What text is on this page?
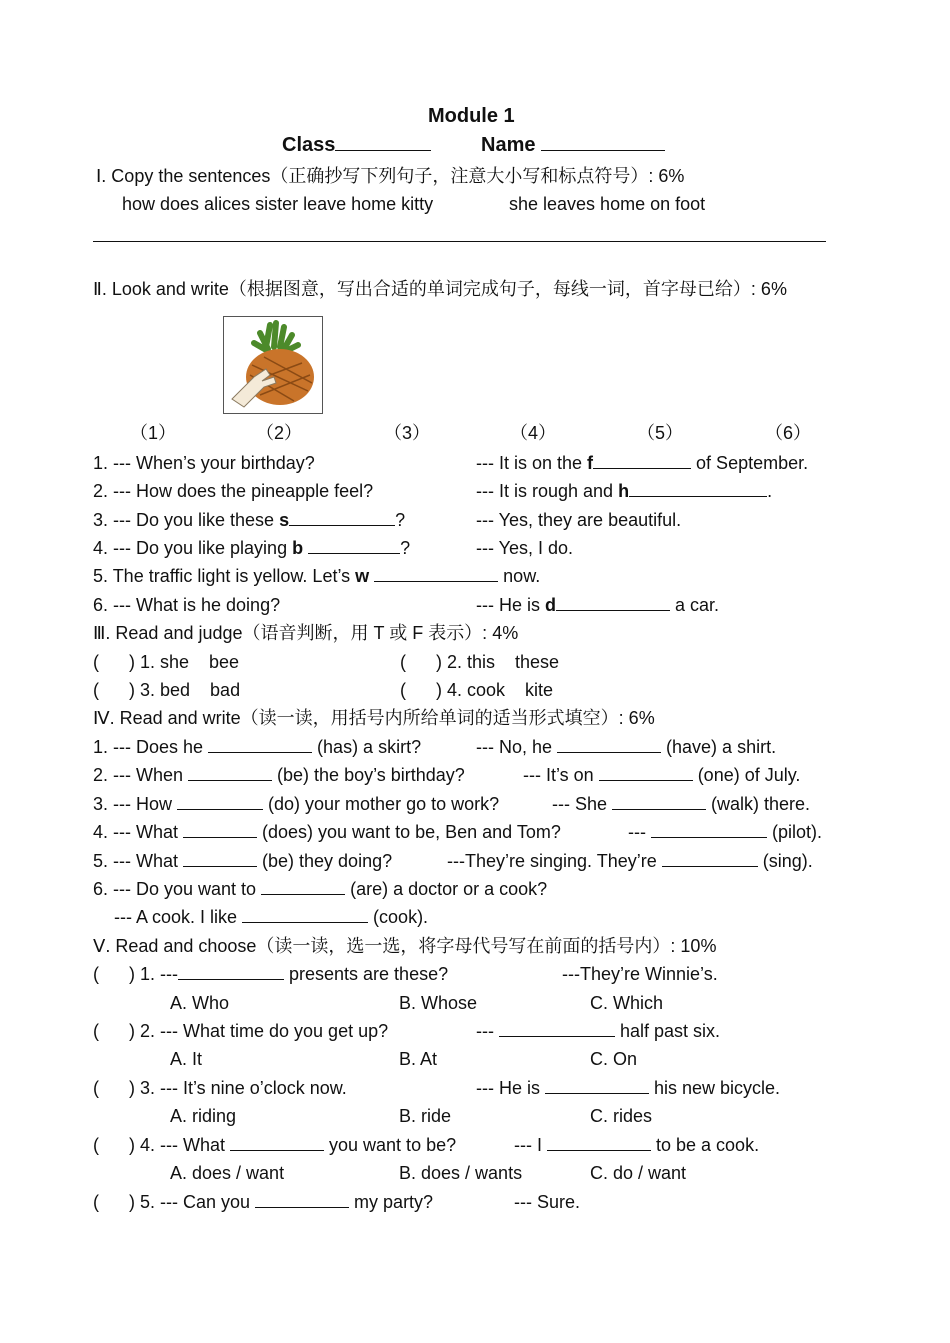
Module 1
Class	Name
Ⅰ. Copy the sentences（正确抄写下列句子，注意大小写和标点符号）: 6%
how does alices sister leave home kitty	she leaves home on foot
Ⅱ. Look and write（根据图意，写出合适的单词完成句子，每线一词，首字母已给）: 6%
（1）	（2）	（3）	（4）	（5）	（6）
1. --- When’s your birthday?	--- It is on the f	of September.
2. --- How does the pineapple feel?	--- It is rough and h	.
3. --- Do you like these s	?	--- Yes, they are beautiful.
4. --- Do you like playing b	?	--- Yes, I do.
5. The traffic light is yellow. Let’s w	now.
6. --- What is he doing?	--- He is d	a car.
Ⅲ. Read and judge（语音判断，用 T 或 F 表示）: 4%
(      ) 1. she    bee	(      ) 2. this    these
(      ) 3. bed    bad	(      ) 4. cook    kite
Ⅳ. Read and write（读一读，用括号内所给单词的适当形式填空）: 6%
1. --- Does he	(has) a skirt?	--- No, he	(have) a shirt.
2. --- When	(be) the boy’s birthday?	--- It’s on	(one) of July.
3. --- How	(do) your mother go to work?	--- She	(walk) there.
4. --- What	(does) you want to be, Ben and Tom?	---	(pilot).
5. --- What	(be) they doing?	---They’re singing. They’re	(sing).
6. --- Do you want to	(are) a doctor or a cook?
--- A cook. I like	(cook).
Ⅴ. Read and choose（读一读，选一选，将字母代号写在前面的括号内）: 10%
(      ) 1. ---	presents are these?	---They’re Winnie’s.
A. Who	B. Whose	C. Which
(      ) 2. --- What time do you get up?	---	half past six.
A. It	B. At	C. On
(      ) 3. --- It’s nine o’clock now.	--- He is	his new bicycle.
A. riding	B. ride	C. rides
(      ) 4. --- What	you want to be?	--- I	to be a cook.
A. does / want	B. does / wants	C. do / want
(      ) 5. --- Can you	my party?	--- Sure.
